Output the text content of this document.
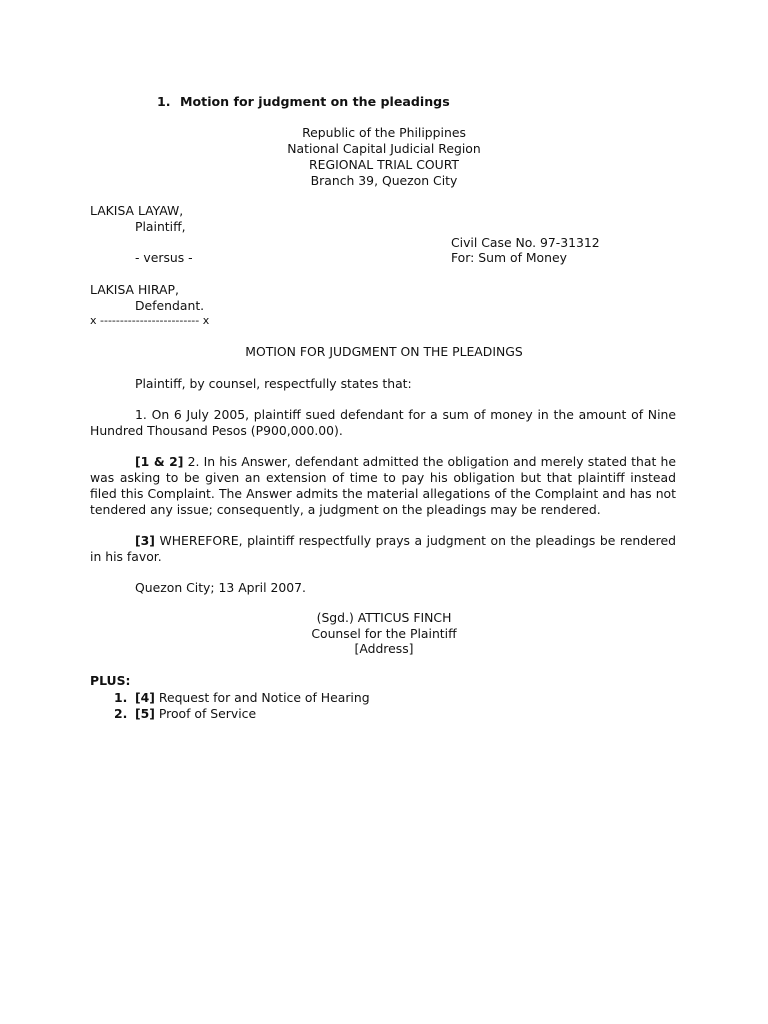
1. Motion for judgment on the pleadings
Republic of the Philippines
National Capital Judicial Region
REGIONAL TRIAL COURT
Branch 39, Quezon City
LAKISA LAYAW,
Plaintiff,
Civil Case No. 97-31312
- versus -	For: Sum of Money
LAKISA HIRAP,
Defendant.
x ------------------------- x
MOTION FOR JUDGMENT ON THE PLEADINGS
Plaintiff, by counsel, respectfully states that:
1. On 6 July 2005, plaintiff sued defendant for a sum of money in the amount of Nine Hundred Thousand Pesos (P900,000.00).
[1 & 2] 2. In his Answer, defendant admitted the obligation and merely stated that he was asking to be given an extension of time to pay his obligation but that plaintiff instead filed this Complaint. The Answer admits the material allegations of the Complaint and has not tendered any issue; consequently, a judgment on the pleadings may be rendered.
[3] WHEREFORE, plaintiff respectfully prays a judgment on the pleadings be rendered in his favor.
Quezon City; 13 April 2007.
(Sgd.) ATTICUS FINCH
Counsel for the Plaintiff
[Address]
PLUS:
1. [4] Request for and Notice of Hearing
2. [5] Proof of Service
